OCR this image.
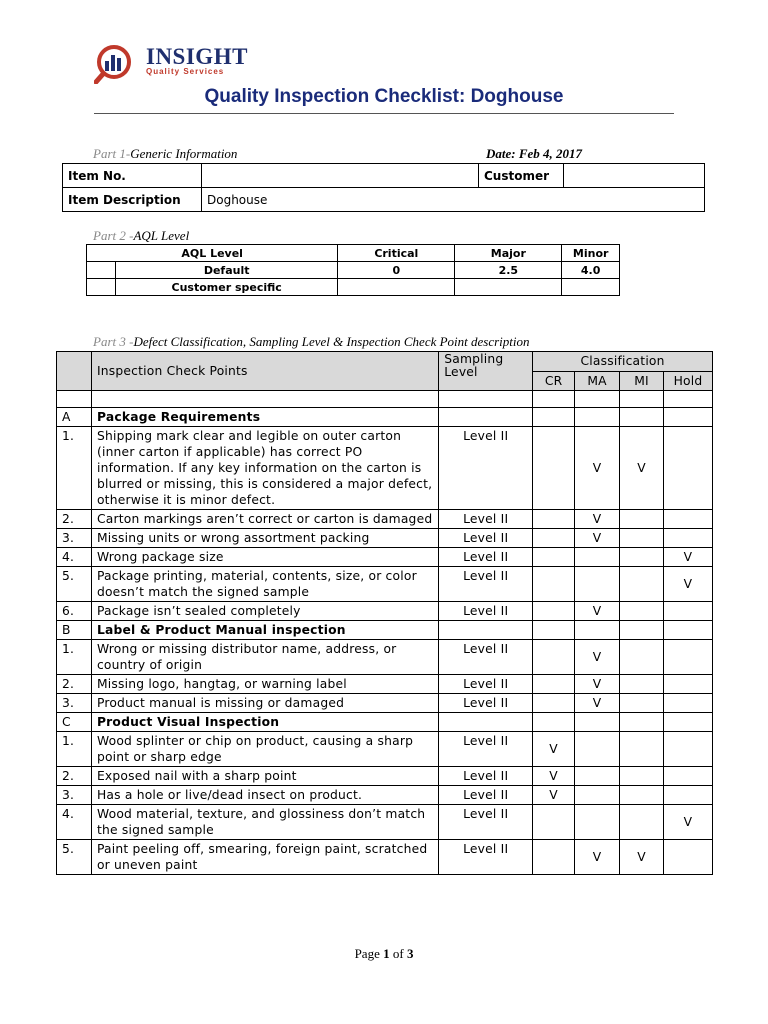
INSIGHT
Quality Services
Quality Inspection Checklist: Doghouse
Part 1-Generic Information	Date: Feb 4, 2017
Item No.		Customer	
Item Description	Doghouse		
Part 2 -AQL Level
AQL Level		Critical	Major	Minor
	Default	0	2.5	4.0
	Customer specific			
Part 3 -Defect Classification, Sampling Level & Inspection Check Point description
	Inspection Check Points	Sampling Level	Classification			
			CR	MA	MI	Hold

A	Package Requirements					
1.	Shipping mark clear and legible on outer carton (inner carton if applicable) has correct PO information. If any key information on the carton is blurred or missing, this is considered a major defect, otherwise it is minor defect.	Level II		V	V	
2.	Carton markings aren’t correct or carton is damaged	Level II		V		
3.	Missing units or wrong assortment packing	Level II		V		
4.	Wrong package size	Level II				V
5.	Package printing, material, contents, size, or color doesn’t match the signed sample	Level II				V
6.	Package isn’t sealed completely	Level II		V		
B	Label & Product Manual inspection					
1.	Wrong or missing distributor name, address, or country of origin	Level II		V		
2.	Missing logo, hangtag, or warning label	Level II		V		
3.	Product manual is missing or damaged	Level II		V		
C	Product Visual Inspection					
1.	Wood splinter or chip on product, causing a sharp point or sharp edge	Level II	V			
2.	Exposed nail with a sharp point	Level II	V			
3.	Has a hole or live/dead insect on product.	Level II	V			
4.	Wood material, texture, and glossiness don’t match the signed sample	Level II				V
5.	Paint peeling off, smearing, foreign paint, scratched or uneven paint	Level II		V	V	
Page 1 of 3
